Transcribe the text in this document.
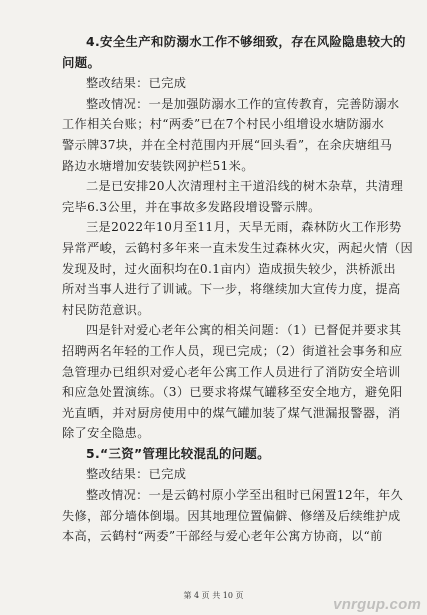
4.安全生产和防溺水工作不够细致，存在风险隐患较大的
问题。
整改结果：已完成
整改情况：一是加强防溺水工作的宣传教育，完善防溺水
工作相关台账；村“两委”已在7个村民小组增设水塘防溺水
警示牌37块，并在全村范围内开展“回头看”，在余庆塘组马
路边水塘增加安装铁网护栏51米。
二是已安排20人次清理村主干道沿线的树木杂草，共清理
完毕6.3公里，并在事故多发路段增设警示牌。
三是2022年10月至11月，天旱无雨，森林防火工作形势
异常严峻，云鹤村多年来一直未发生过森林火灾，两起火情（因
发现及时，过火面积均在0.1亩内）造成损失较少，洪桥派出
所对当事人进行了训诫。下一步，将继续加大宣传力度，提高
村民防范意识。
四是针对爱心老年公寓的相关问题：（1）已督促并要求其
招聘两名年轻的工作人员，现已完成；（2）街道社会事务和应
急管理办已组织对爱心老年公寓工作人员进行了消防安全培训
和应急处置演练。（3）已要求将煤气罐移至安全地方，避免阳
光直晒，并对厨房使用中的煤气罐加装了煤气泄漏报警器，消
除了安全隐患。
5.“三资”管理比较混乱的问题。
整改结果：已完成
整改情况：一是云鹤村原小学至出租时已闲置12年，年久
失修，部分墙体倒塌。因其地理位置偏僻、修缮及后续维护成
本高，云鹤村“两委”干部经与爱心老年公寓方协商，以“前
第 4 页 共 10 页
vnrgup.com
